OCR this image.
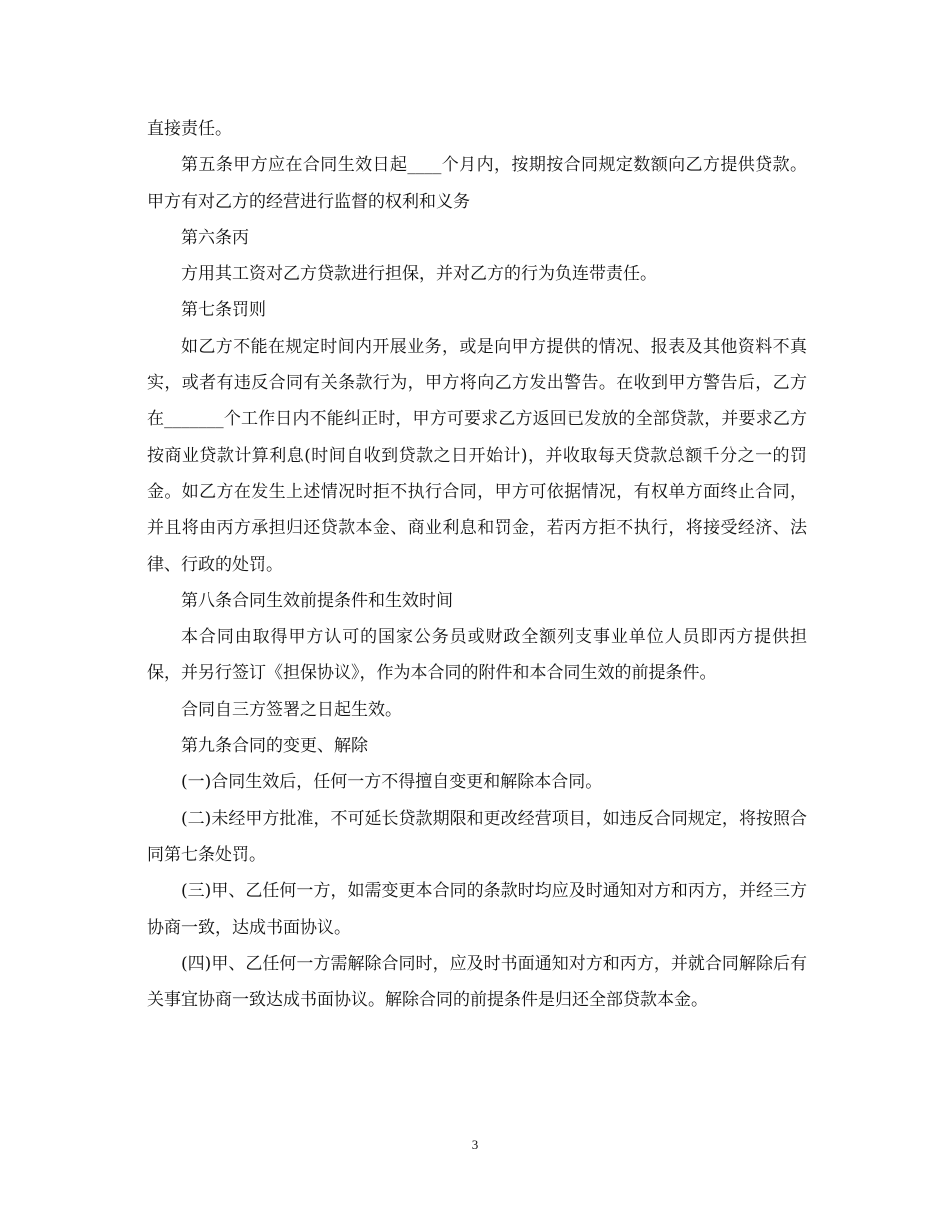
直接责任。

第五条甲方应在合同生效日起____个月内，按期按合同规定数额向乙方提供贷款。甲方有对乙方的经营进行监督的权利和义务

第六条丙

方用其工资对乙方贷款进行担保，并对乙方的行为负连带责任。

第七条罚则

如乙方不能在规定时间内开展业务，或是向甲方提供的情况、报表及其他资料不真实，或者有违反合同有关条款行为，甲方将向乙方发出警告。在收到甲方警告后，乙方在_______个工作日内不能纠正时，甲方可要求乙方返回已发放的全部贷款，并要求乙方按商业贷款计算利息(时间自收到贷款之日开始计)，并收取每天贷款总额千分之一的罚金。如乙方在发生上述情况时拒不执行合同，甲方可依据情况，有权单方面终止合同，并且将由丙方承担归还贷款本金、商业利息和罚金，若丙方拒不执行，将接受经济、法律、行政的处罚。

第八条合同生效前提条件和生效时间

本合同由取得甲方认可的国家公务员或财政全额列支事业单位人员即丙方提供担保，并另行签订《担保协议》，作为本合同的附件和本合同生效的前提条件。

合同自三方签署之日起生效。

第九条合同的变更、解除

(一)合同生效后，任何一方不得擅自变更和解除本合同。

(二)未经甲方批准，不可延长贷款期限和更改经营项目，如违反合同规定，将按照合同第七条处罚。

(三)甲、乙任何一方，如需变更本合同的条款时均应及时通知对方和丙方，并经三方协商一致，达成书面协议。

(四)甲、乙任何一方需解除合同时，应及时书面通知对方和丙方，并就合同解除后有关事宜协商一致达成书面协议。解除合同的前提条件是归还全部贷款本金。

3
